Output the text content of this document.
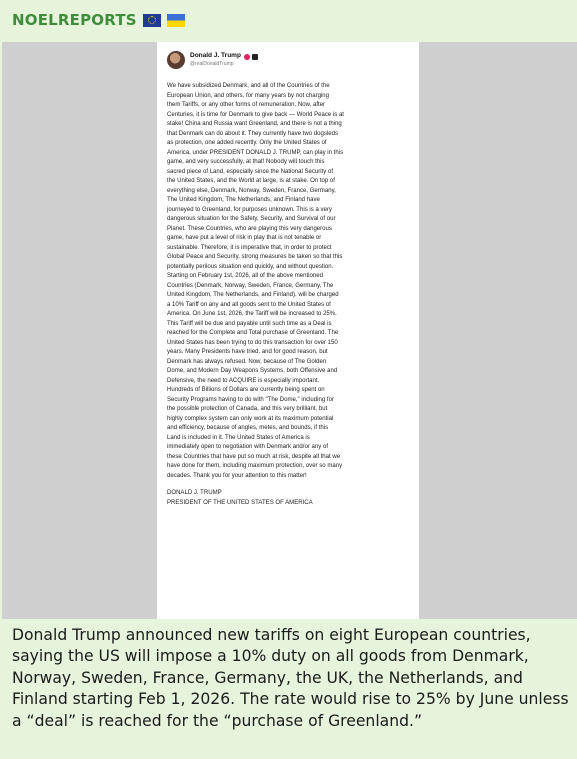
NOELREPORTS
Donald J. Trump
@realDonaldTrump
We have subsidized Denmark, and all of the Countries of the
European Union, and others, for many years by not charging
them Tariffs, or any other forms of remuneration. Now, after
Centuries, it is time for Denmark to give back — World Peace is at
stake! China and Russia want Greenland, and there is not a thing
that Denmark can do about it. They currently have two dogsleds
as protection, one added recently. Only the United States of
America, under PRESIDENT DONALD J. TRUMP, can play in this
game, and very successfully, at that! Nobody will touch this
sacred piece of Land, especially since the National Security of
the United States, and the World at large, is at stake. On top of
everything else, Denmark, Norway, Sweden, France, Germany,
The United Kingdom, The Netherlands, and Finland have
journeyed to Greenland, for purposes unknown. This is a very
dangerous situation for the Safety, Security, and Survival of our
Planet. These Countries, who are playing this very dangerous
game, have put a level of risk in play that is not tenable or
sustainable. Therefore, it is imperative that, in order to protect
Global Peace and Security, strong measures be taken so that this
potentially perilous situation end quickly, and without question.
Starting on February 1st, 2026, all of the above mentioned
Countries (Denmark, Norway, Sweden, France, Germany, The
United Kingdom, The Netherlands, and Finland), will be charged
a 10% Tariff on any and all goods sent to the United States of
America. On June 1st, 2026, the Tariff will be increased to 25%.
This Tariff will be due and payable until such time as a Deal is
reached for the Complete and Total purchase of Greenland. The
United States has been trying to do this transaction for over 150
years. Many Presidents have tried, and for good reason, but
Denmark has always refused. Now, because of The Golden
Dome, and Modern Day Weapons Systems, both Offensive and
Defensive, the need to ACQUIRE is especially important.
Hundreds of Billions of Dollars are currently being spent on
Security Programs having to do with "The Dome," including for
the possible protection of Canada, and this very brilliant, but
highly complex system can only work at its maximum potential
and efficiency, because of angles, metes, and bounds, if this
Land is included in it. The United States of America is
immediately open to negotiation with Denmark and/or any of
these Countries that have put so much at risk, despite all that we
have done for them, including maximum protection, over so many
decades. Thank you for your attention to this matter!
DONALD J. TRUMP
PRESIDENT OF THE UNITED STATES OF AMERICA
Donald Trump announced new tariffs on eight European countries, saying the US will impose a 10% duty on all goods from Denmark, Norway, Sweden, France, Germany, the UK, the Netherlands, and Finland starting Feb 1, 2026. The rate would rise to 25% by June unless a “deal” is reached for the “purchase of Greenland.”
